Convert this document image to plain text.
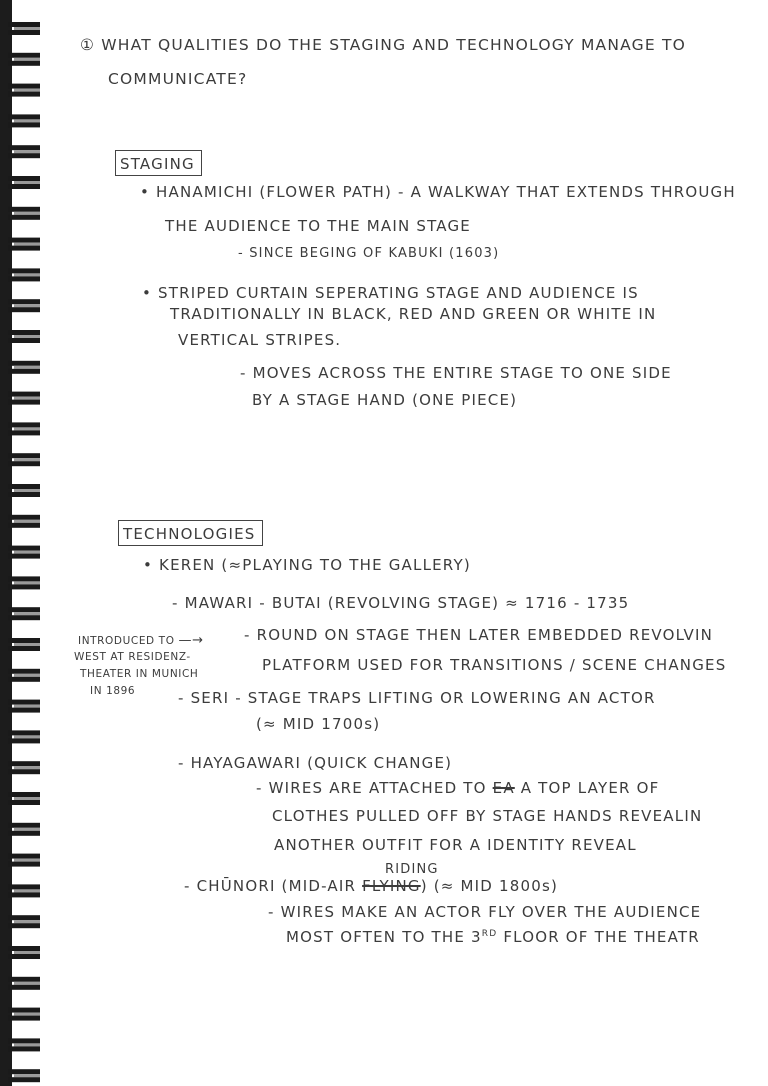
① WHAT QUALITIES DO THE STAGING AND TECHNOLOGY MANAGE TO
COMMUNICATE?
STAGING
• HANAMICHI (FLOWER PATH) - A WALKWAY THAT EXTENDS THROUGH
THE AUDIENCE TO THE MAIN STAGE
- SINCE BEGING OF KABUKI (1603)
• STRIPED CURTAIN SEPERATING STAGE AND AUDIENCE IS
TRADITIONALLY IN BLACK, RED AND GREEN OR WHITE IN
VERTICAL STRIPES.
- MOVES ACROSS THE ENTIRE STAGE TO ONE SIDE
BY A STAGE HAND (ONE PIECE)
TECHNOLOGIES
• KEREN (≈PLAYING TO THE GALLERY)
- MAWARI - BUTAI (REVOLVING STAGE) ≈ 1716 - 1735
INTRODUCED TO —→
WEST AT RESIDENZ-
THEATER IN MUNICH
IN 1896
- ROUND ON STAGE THEN LATER EMBEDDED REVOLVIN
PLATFORM USED FOR TRANSITIONS / SCENE CHANGES
- SERI - STAGE TRAPS LIFTING OR LOWERING AN ACTOR
(≈ MID 1700s)
- HAYAGAWARI (QUICK CHANGE)
- WIRES ARE ATTACHED TO EA A TOP LAYER OF
CLOTHES PULLED OFF BY STAGE HANDS REVEALIN
ANOTHER OUTFIT FOR A IDENTITY REVEAL
RIDING
- CHŪNORI (MID-AIR FLYING) (≈ MID 1800s)
- WIRES MAKE AN ACTOR FLY OVER THE AUDIENCE
MOST OFTEN TO THE 3RD FLOOR OF THE THEATR
